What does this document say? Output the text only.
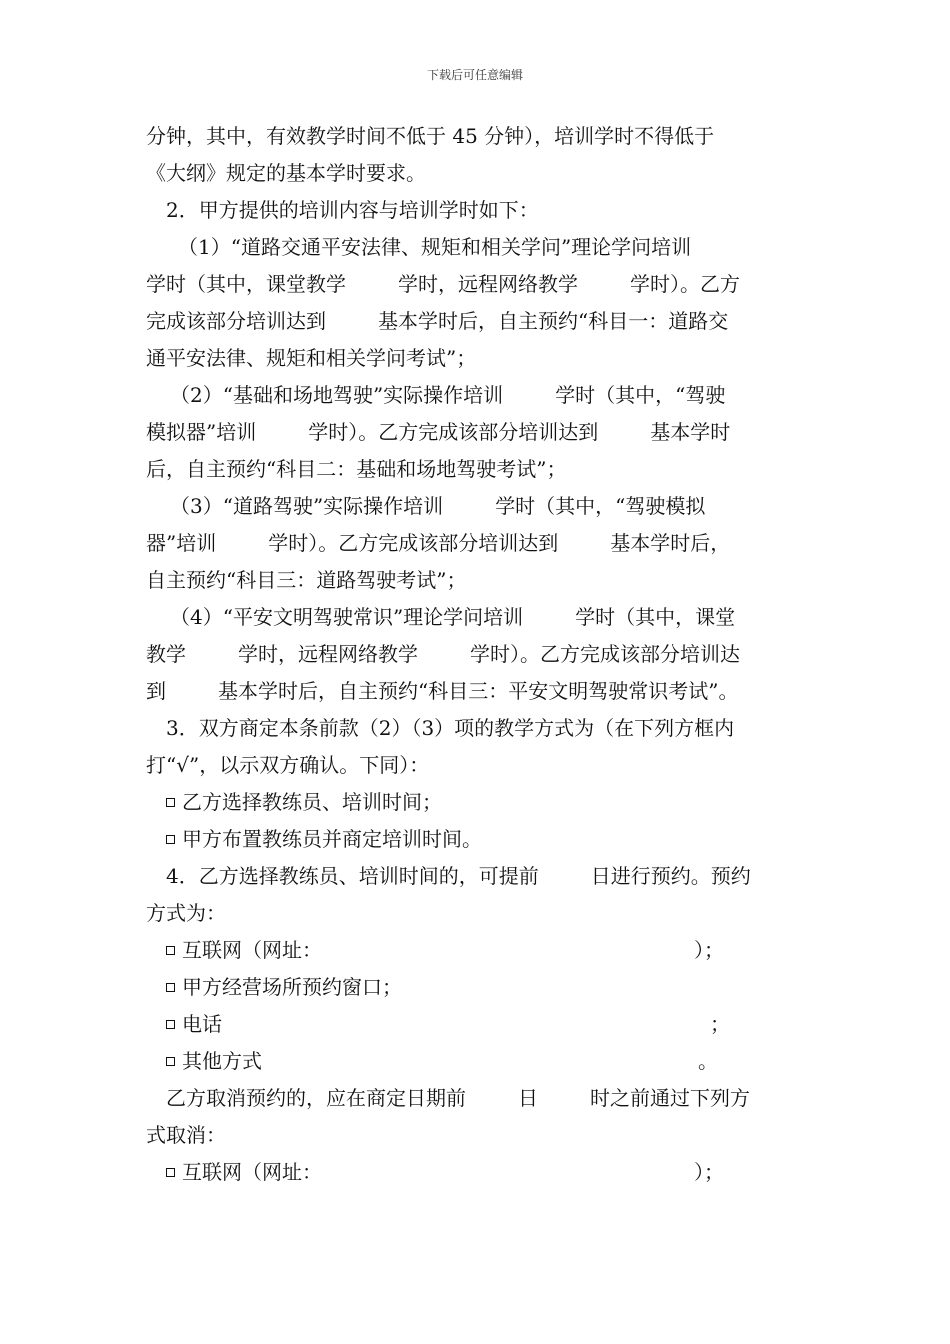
下载后可任意编辑
分钟，其中，有效教学时间不低于 45 分钟），培训学时不得低于
《大纲》规定的基本学时要求。
2．甲方提供的培训内容与培训学时如下：
（1）“道路交通平安法律、规矩和相关学问”理论学问培训
学时（其中，课堂教学	学时，远程网络教学	学时）。乙方
完成该部分培训达到	基本学时后，自主预约“科目一：道路交
通平安法律、规矩和相关学问考试”；
（2）“基础和场地驾驶”实际操作培训	学时（其中，“驾驶
模拟器”培训	学时）。乙方完成该部分培训达到	基本学时
后，自主预约“科目二：基础和场地驾驶考试”；
（3）“道路驾驶”实际操作培训	学时（其中，“驾驶模拟
器”培训	学时）。乙方完成该部分培训达到	基本学时后，
自主预约“科目三：道路驾驶考试”；
（4）“平安文明驾驶常识”理论学问培训	学时（其中，课堂
教学	学时，远程网络教学	学时）。乙方完成该部分培训达
到	基本学时后，自主预约“科目三：平安文明驾驶常识考试”。
3．双方商定本条前款（2）（3）项的教学方式为（在下列方框内
打“√”，以示双方确认。下同）：
乙方选择教练员、培训时间；
甲方布置教练员并商定培训时间。
4．乙方选择教练员、培训时间的，可提前	日进行预约。预约
方式为：
互联网（网址：	）；
甲方经营场所预约窗口；
电话	；
其他方式	。
乙方取消预约的，应在商定日期前	日	时之前通过下列方
式取消：
互联网（网址：	）；
